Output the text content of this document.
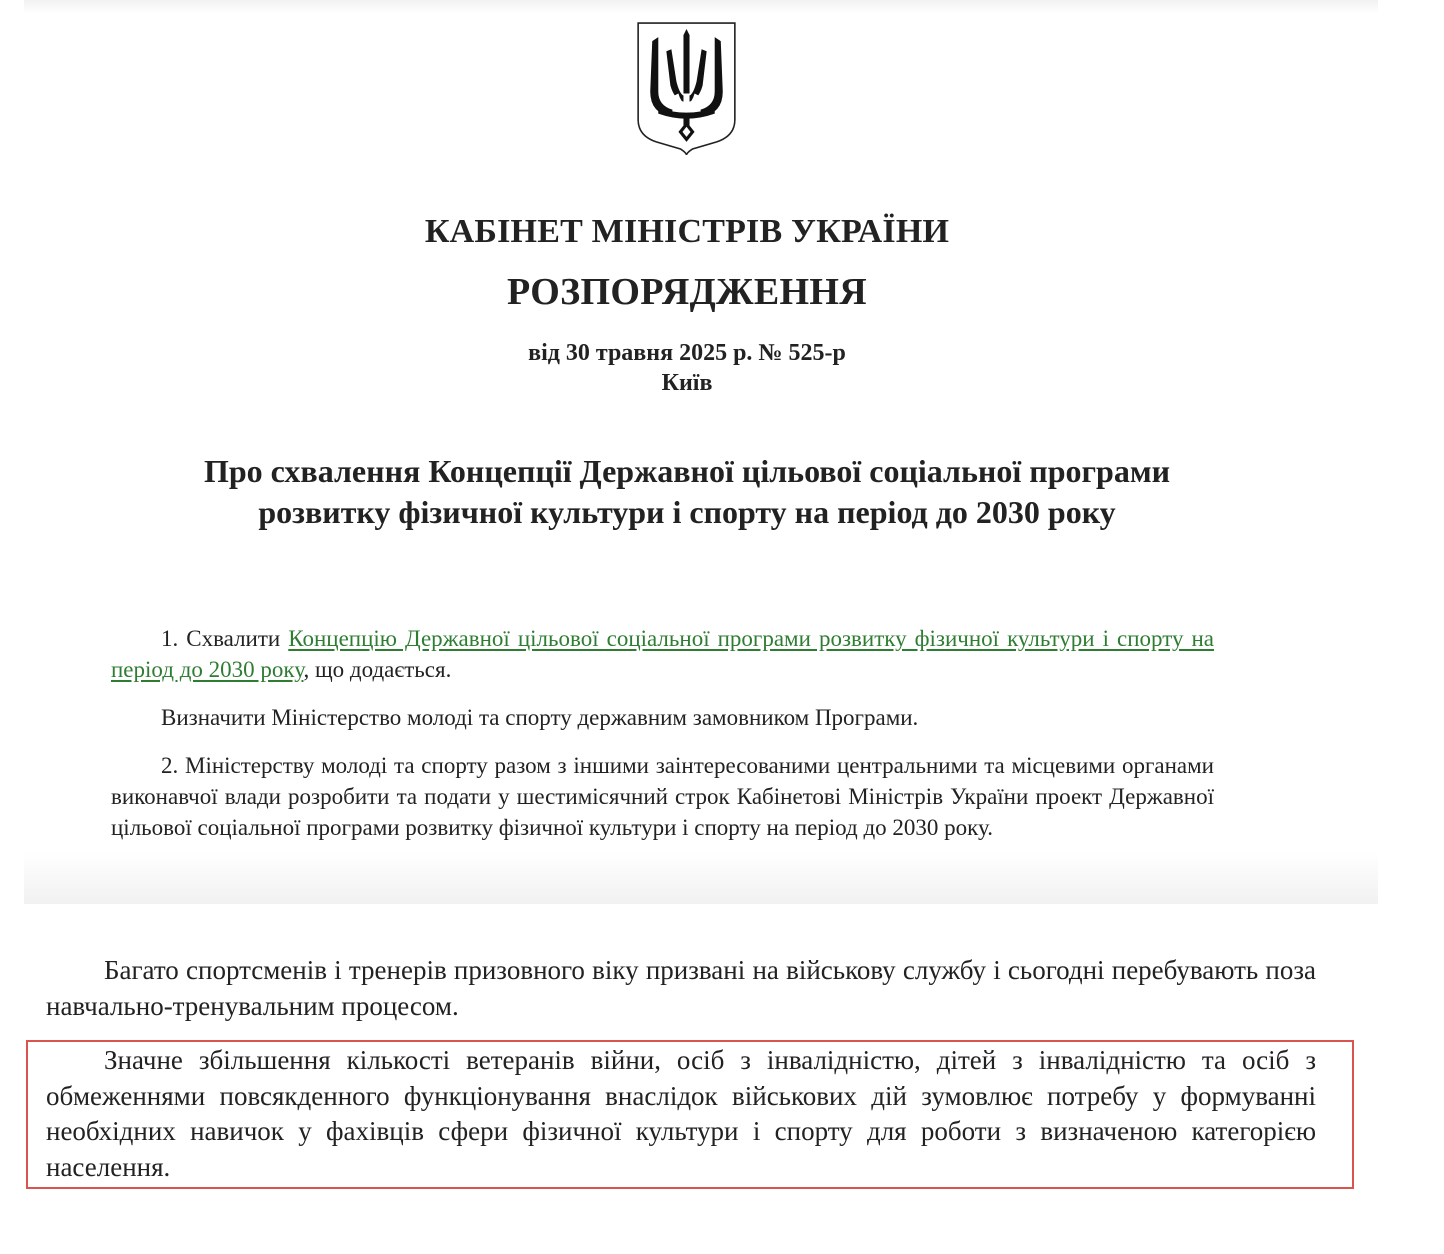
КАБІНЕТ МІНІСТРІВ УКРАЇНИ
РОЗПОРЯДЖЕННЯ
від 30 травня 2025 р. № 525-р
Київ
Про схвалення Концепції Державної цільової соціальної програми розвитку фізичної культури і спорту на період до 2030 року
1. Схвалити Концепцію Державної цільової соціальної програми розвитку фізичної культури і спорту на період до 2030 року, що додається.
Визначити Міністерство молоді та спорту державним замовником Програми.
2. Міністерству молоді та спорту разом з іншими заінтересованими центральними та місцевими органами виконавчої влади розробити та подати у шестимісячний строк Кабінетові Міністрів України проект Державної цільової соціальної програми розвитку фізичної культури і спорту на період до 2030 року.
Багато спортсменів і тренерів призовного віку призвані на військову службу і сьогодні перебувають поза навчально-тренувальним процесом.
Значне збільшення кількості ветеранів війни, осіб з інвалідністю, дітей з інвалідністю та осіб з обмеженнями повсякденного функціонування внаслідок військових дій зумовлює потребу у формуванні необхідних навичок у фахівців сфери фізичної культури і спорту для роботи з визначеною категорією населення.
